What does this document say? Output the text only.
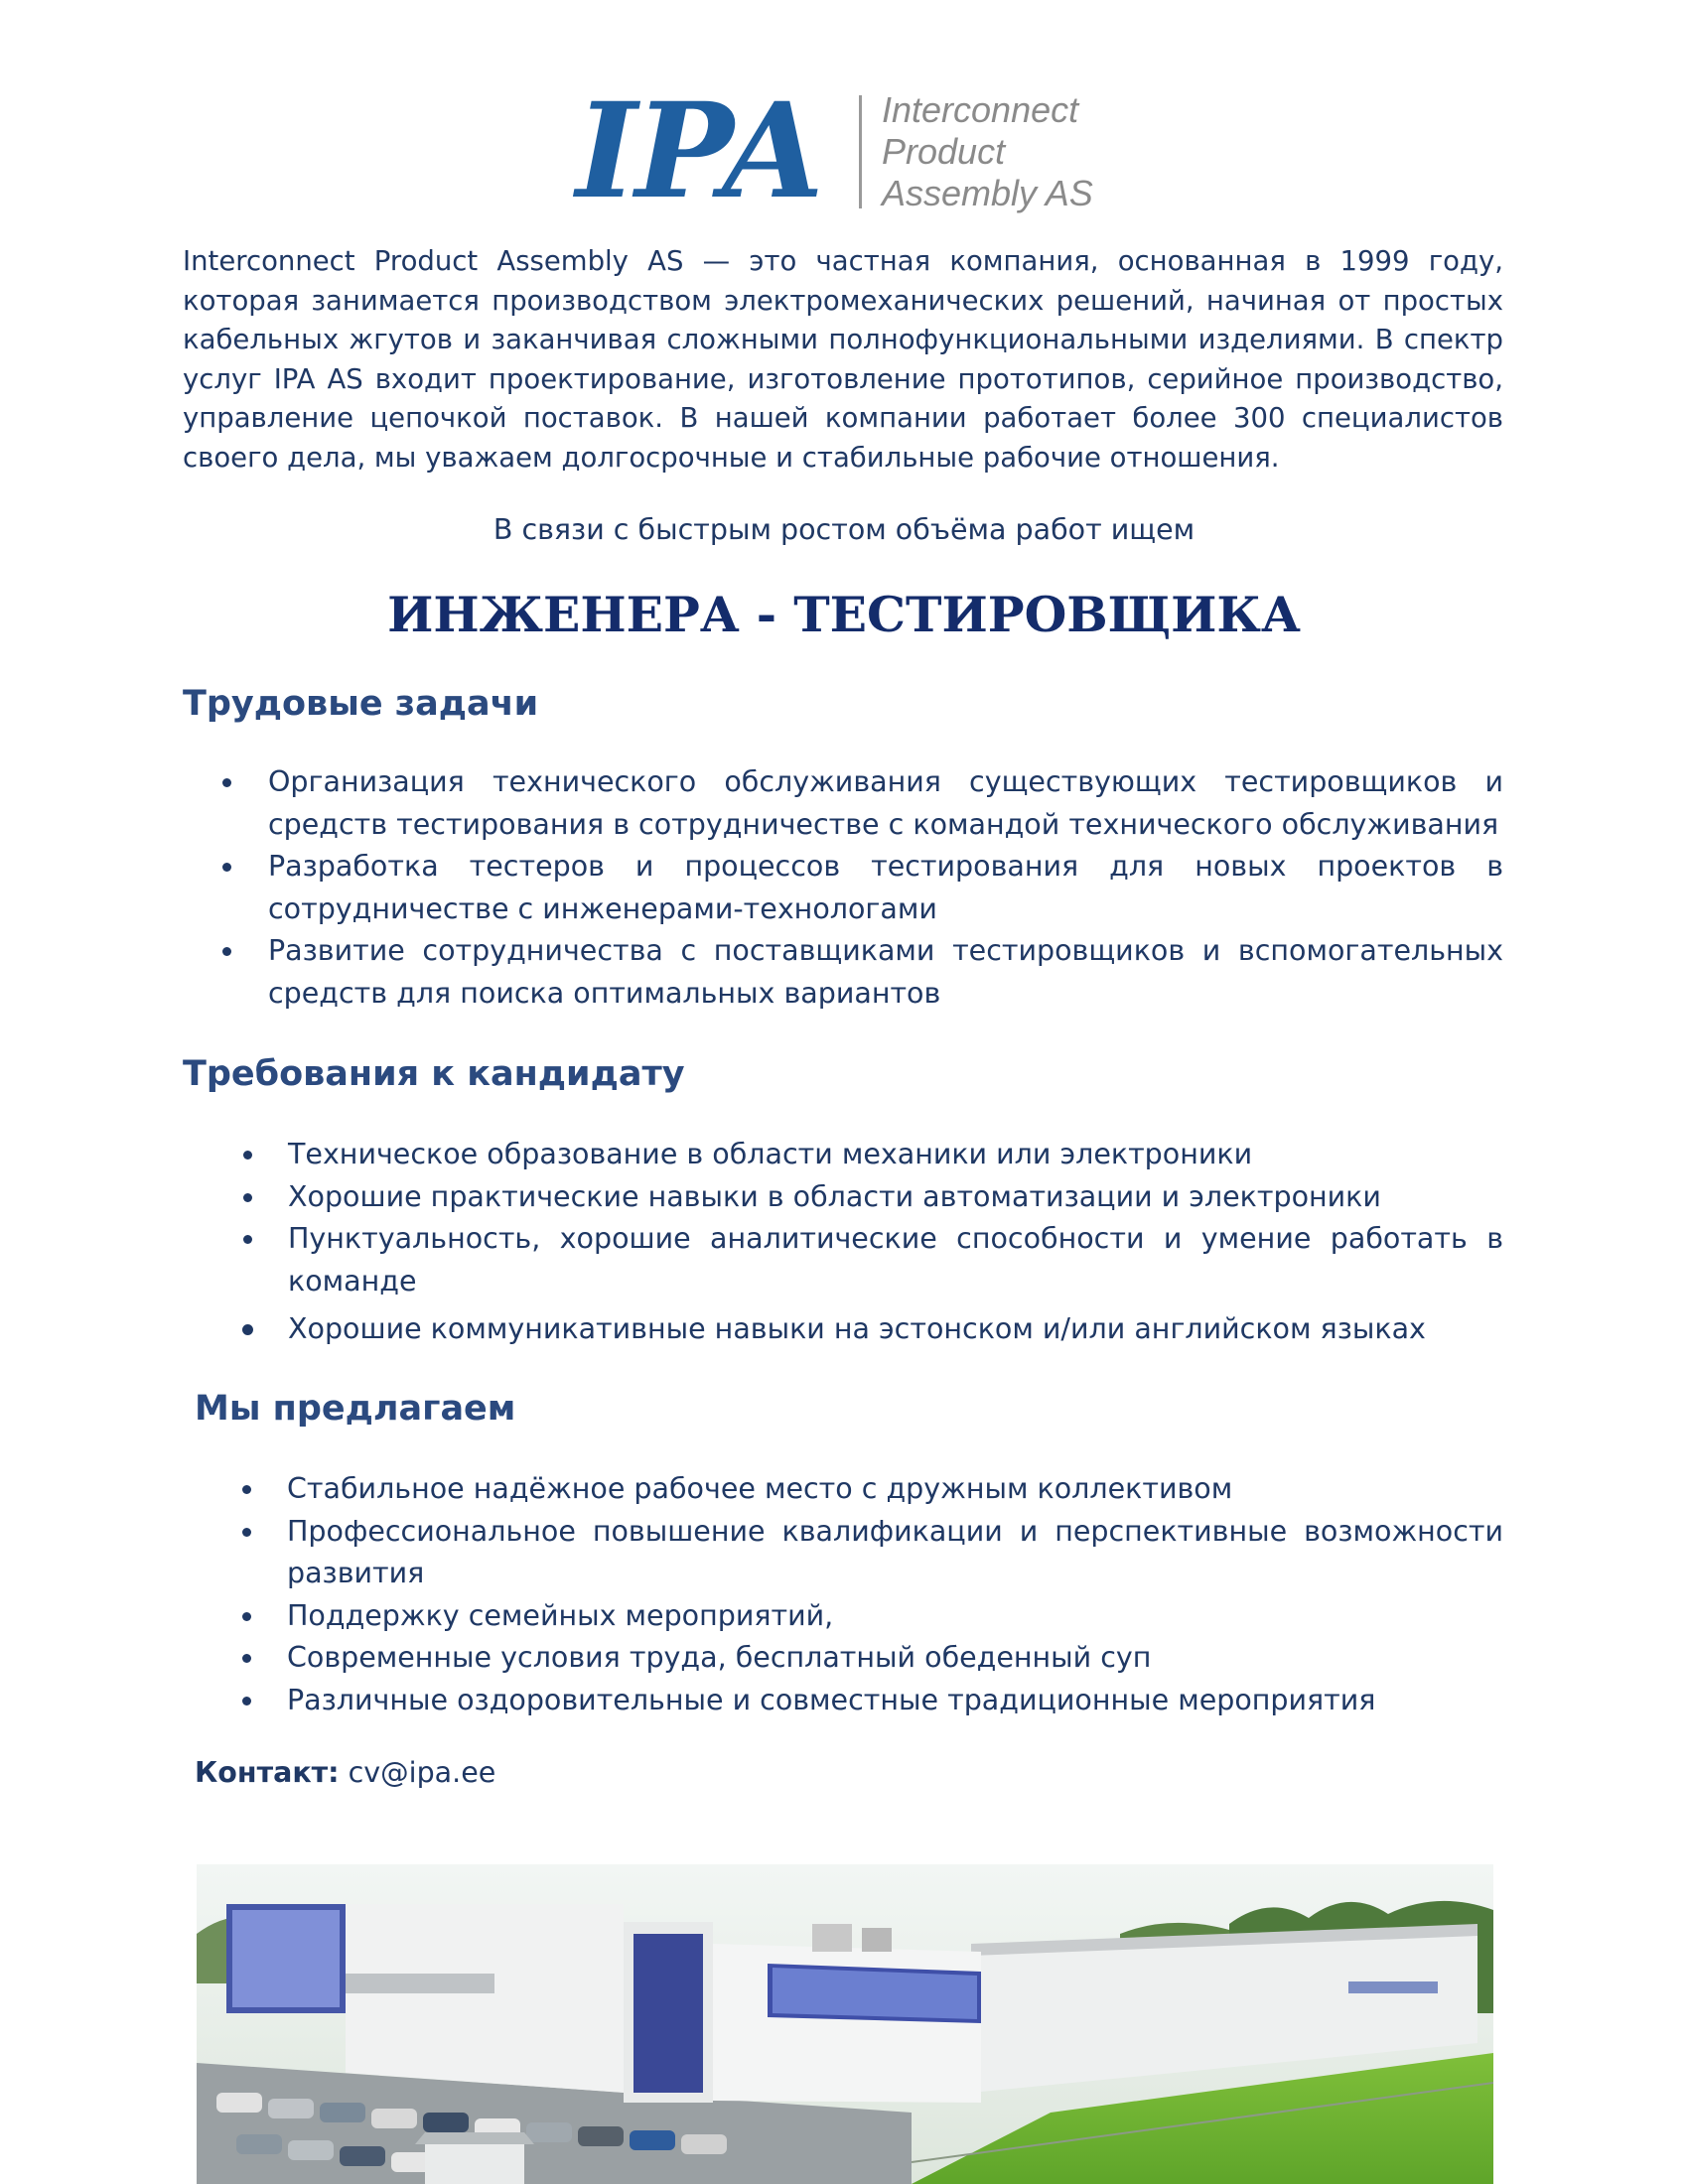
IPA Interconnect
Product
Assembly AS

Interconnect Product Assembly AS — это частная компания, основанная в 1999 году, которая занимается производством электромеханических решений, начиная от простых кабельных жгутов и заканчивая сложными полнофункциональными изделиями. В спектр услуг IPA AS входит проектирование, изготовление прототипов, серийное производство, управление цепочкой поставок. В нашей компании работает более 300 специалистов своего дела, мы уважаем долгосрочные и стабильные рабочие отношения.

В связи с быстрым ростом объёма работ ищем
ИНЖЕНЕРА - ТЕСТИРОВЩИКА
Трудовые задачи
Организация технического обслуживания существующих тестировщиков и средств тестирования в сотрудничестве с командой технического обслуживания
Разработка тестеров и процессов тестирования для новых проектов в сотрудничестве с инженерами-технологами
Развитие сотрудничества с поставщиками тестировщиков и вспомогательных средств для поиска оптимальных вариантов
Требования к кандидату
Техническое образование в области механики или электроники
Хорошие практические навыки в области автоматизации и электроники
Пунктуальность, хорошие аналитические способности и умение работать в команде
Хорошие коммуникативные навыки на эстонском и/или английском языках
Мы предлагаем
Стабильное надёжное рабочее место с дружным коллективом
Профессиональное повышение квалификации и перспективные возможности развития
Поддержку семейных мероприятий,
Современные условия труда, бесплатный обеденный суп
Различные оздоровительные и совместные традиционные мероприятия
Контакт: cv@ipa.ee
